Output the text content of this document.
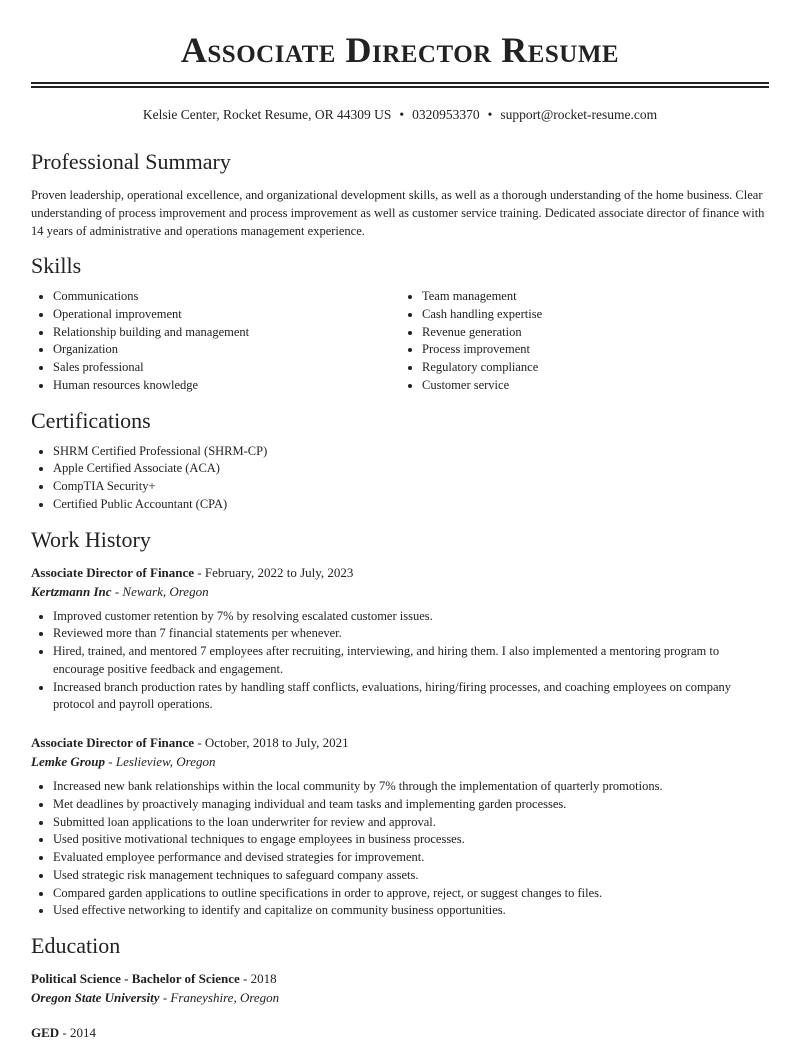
Associate Director Resume
Kelsie Center, Rocket Resume, OR 44309 US • 0320953370 • support@rocket-resume.com
Professional Summary
Proven leadership, operational excellence, and organizational development skills, as well as a thorough understanding of the home business. Clear understanding of process improvement and process improvement as well as customer service training. Dedicated associate director of finance with 14 years of administrative and operations management experience.
Skills
• Communications
• Operational improvement
• Relationship building and management
• Organization
• Sales professional
• Human resources knowledge
• Team management
• Cash handling expertise
• Revenue generation
• Process improvement
• Regulatory compliance
• Customer service
Certifications
• SHRM Certified Professional (SHRM-CP)
• Apple Certified Associate (ACA)
• CompTIA Security+
• Certified Public Accountant (CPA)
Work History
Associate Director of Finance - February, 2022 to July, 2023
Kertzmann Inc - Newark, Oregon
• Improved customer retention by 7% by resolving escalated customer issues.
• Reviewed more than 7 financial statements per whenever.
• Hired, trained, and mentored 7 employees after recruiting, interviewing, and hiring them. I also implemented a mentoring program to encourage positive feedback and engagement.
• Increased branch production rates by handling staff conflicts, evaluations, hiring/firing processes, and coaching employees on company protocol and payroll operations.
Associate Director of Finance - October, 2018 to July, 2021
Lemke Group - Leslieview, Oregon
• Increased new bank relationships within the local community by 7% through the implementation of quarterly promotions.
• Met deadlines by proactively managing individual and team tasks and implementing garden processes.
• Submitted loan applications to the loan underwriter for review and approval.
• Used positive motivational techniques to engage employees in business processes.
• Evaluated employee performance and devised strategies for improvement.
• Used strategic risk management techniques to safeguard company assets.
• Compared garden applications to outline specifications in order to approve, reject, or suggest changes to files.
• Used effective networking to identify and capitalize on community business opportunities.
Education
Political Science - Bachelor of Science - 2018
Oregon State University - Franeyshire, Oregon
GED - 2014
